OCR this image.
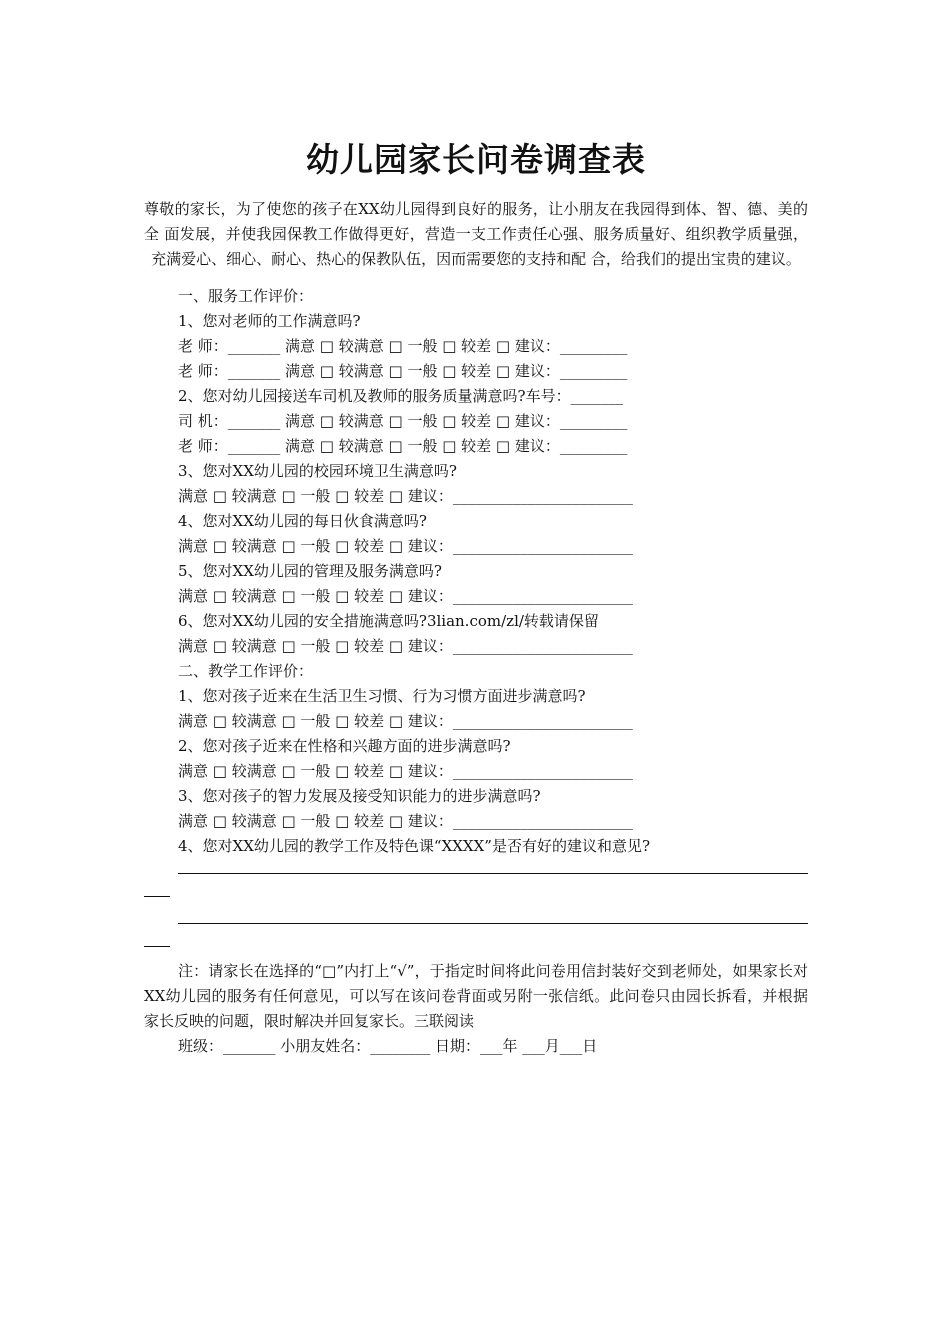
幼儿园家长问卷调查表

尊敬的家长，为了使您的孩子在XX幼儿园得到良好的服务，让小朋友在我园得到体、智、德、美的全 面发展，并使我园保教工作做得更好，营造一支工作责任心强、服务质量好、组织教学质量强，充满爱心、细心、耐心、热心的保教队伍，因而需要您的支持和配 合，给我们的提出宝贵的建议。

一、服务工作评价：
1、您对老师的工作满意吗?
老 师：_______ 满意 □ 较满意 □ 一般 □ 较差 □ 建议：_________
老 师：_______ 满意 □ 较满意 □ 一般 □ 较差 □ 建议：_________
2、您对幼儿园接送车司机及教师的服务质量满意吗?车号：_______
司 机：_______ 满意 □ 较满意 □ 一般 □ 较差 □ 建议：_________
老 师：_______ 满意 □ 较满意 □ 一般 □ 较差 □ 建议：_________
3、您对XX幼儿园的校园环境卫生满意吗?
满意 □ 较满意 □ 一般 □ 较差 □ 建议：________________________
4、您对XX幼儿园的每日伙食满意吗?
满意 □ 较满意 □ 一般 □ 较差 □ 建议：________________________
5、您对XX幼儿园的管理及服务满意吗?
满意 □ 较满意 □ 一般 □ 较差 □ 建议：________________________
6、您对XX幼儿园的安全措施满意吗?3lian.com/zl/转载请保留
满意 □ 较满意 □ 一般 □ 较差 □ 建议：________________________
二、教学工作评价：
1、您对孩子近来在生活卫生习惯、行为习惯方面进步满意吗?
满意 □ 较满意 □ 一般 □ 较差 □ 建议：________________________
2、您对孩子近来在性格和兴趣方面的进步满意吗?
满意 □ 较满意 □ 一般 □ 较差 □ 建议：________________________
3、您对孩子的智力发展及接受知识能力的进步满意吗?
满意 □ 较满意 □ 一般 □ 较差 □ 建议：________________________
4、您对XX幼儿园的教学工作及特色课“XXXX”是否有好的建议和意见?

注：请家长在选择的“□”内打上“√”，于指定时间将此问卷用信封装好交到老师处，如果家长对XX幼儿园的服务有任何意见，可以写在该问卷背面或另附一张信纸。此问卷只由园长拆看，并根据家长反映的问题，限时解决并回复家长。三联阅读

班级：_______ 小朋友姓名：________ 日期：___年 ___月___日
